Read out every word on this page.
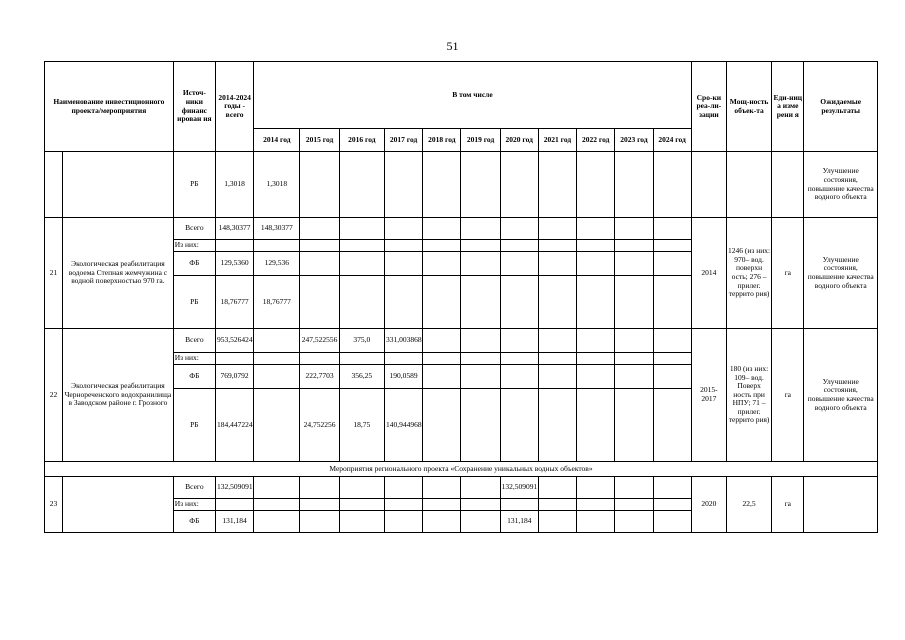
51
Наименование инвестиционного проекта/мероприятия		Источ-ники финанс ирован ия	2014-2024 годы - всего	В том числе											Сро-ки реа-ли-зации	Мощ-ность объек-та	Еди-ниц а изме рени я	Ожидаемые результаты
				2014 год	2015 год	2016 год	2017 год	2018 год	2019 год	2020 год	2021 год	2022 год	2023 год	2024 год				
		РБ	1,3018	1,3018														Улучшение состояния, повышение качества водного объекта
21	Экологическая реабилитация водоема Степная жемчужина с водной поверхностью 970 га.	Всего	148,30377	148,30377											2014	1246 (из них: 970– вод. поверхн ость; 276 – прилег. террито рия)	га	Улучшение состояния, повышение качества водного объекта
		Из них:																
		ФБ	129,5360	129,536														
		РБ	18,76777	18,76777														
22	Экологическая реабилитация Чернореченского водохранилища в Заводском районе г. Грозного	Всего	953,526424		247,522556	375,0	331,003868								2015-2017	180 (из них: 109– вод. Поверх ность при НПУ; 71 – прилег. террито рия)	га	Улучшение состояния, повышение качества водного объекта
		Из них:																
		ФБ	769,0792		222,7703	356,25	190,0589											
		РБ	184,447224		24,752256	18,75	140,944968											
Мероприятия регионального проекта «Сохранение уникальных водных объектов»																		
23		Всего	132,509091							132,509091					2020	22,5	га	
		Из них:																
		ФБ	131,184							131,184								
